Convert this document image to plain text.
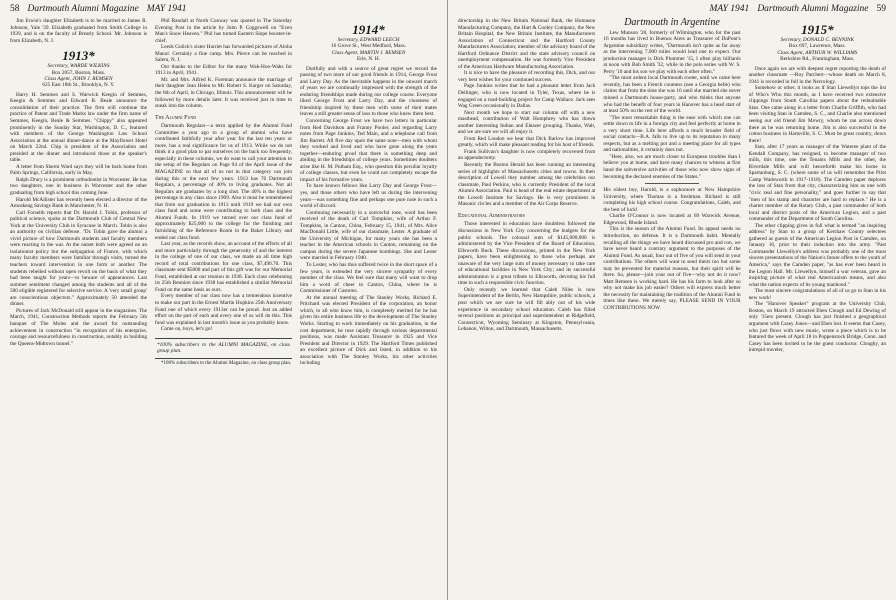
58 Dartmouth Alumni Magazine MAY 1941

Jim Erwin's daughter Elizabeth is to be married to James R. Johnson, Yale '39. Elizabeth graduated from Smith College in 1939, and is on the faculty of Brearly School. Mr. Johnson is from Elizabeth, N. J.

1913*
Secretary, WARDE WILKINS
Box 2057, Boston, Mass.
Class Agent, JOHN J. REMSEN
625 East 18th St., Brooklyn, N. Y.

Harry H. Semmes and S. Warwick Keegin of Semmes, Keegin & Semmes and Edward B. Beale announce the consolidation of their practice. The firm will continue the practice of Patent and Trade Marks law under the firm name of Semmes, Keegin, Beale & Semmes. "Chippy" also appeared prominently in the Sunday Star, Washington, D. C., featured with members of the George Washington Law School Association at the annual dinner-dance at the Mayflower Hotel on March 22nd. Chip is president of the Association and presided at the dinner and introduced those at the speaker's table.

A letter from Sherm Ward says they will be back home from Palm Springs, California, early in May.

Ralph Drury is a prominent orthodontist in Worcester. He has two daughters, one in business in Worcester and the other graduating from high school this coming June.

Harold McAllister has recently been elected a director of the Amoskeag Savings Bank in Manchester, N. H.

Carl Forseith reports that Dr. Harold J. Tobin, professor of political science, spoke at the Dartmouth Club of Central New York at the University Club in Syracuse in March. Tobin is also an authority on civilian defense. "Dr. Tobin gave the alumni a vivid picture of how Dartmouth students and faculty members were reacting to the war. At the outset both were agreed on an isolationist policy but the subjugation of France, with which many faculty members were familiar through visits, turned the teachers toward intervention in one form or another. The students rebelled without open revolt on the basis of what they had been taught for years—to beware of appearances. Last summer sentiment changed among the students and all of the 500 eligible registered for selective service. A 'very small group' are conscientious objectors." Approximately 50 attended the dinner.

Pictures of Jack McDonald still appear in the magazines. The March, 1941, Construction Methods reports the February 5th banquet of The Moles and the award for outstanding achievement in construction "in recognition of his enterprise, courage and resourcefulness in construction, notably in building the Queens-Midtown tunnel."

Phil Randall at North Conway was quoted in The Saturday Evening Post in the article by John P. Coggswell on "Even Man's Snow Heaven." Phil has turned Eastern Slope booster-in-chief.

Leeds Gulick's sister Harriet has forwarded pictures of Aloha Manor. Certainly a fine camp. Mrs. Pierce can be reached in Salem, N. J.

Our thanks to the Editor for the many Wah-Hoo-Wahs for 1913 in April, 1941.

Mr. and Mrs. Alfred K. Foreman announce the marriage of their daughter Jean Helen to Mr. Robert S. Karger on Saturday, the 6th of April, in Chicago, Illinois. This announcement will be followed by more details later. It was received just in time to sneak into the column.

The Alumni Fund

Dartmouth Regulars—a term applied by the Alumni Fund Committee a year ago to a group of alumni who have contributed faithfully year after year for the last ten years or more, has a real significance for us of 1913. While we do not think it a good plan to pat ourselves on the back too frequently, especially in these columns, we do want to call your attention to the setup of the Regulars on Page 94 of the April issue of the MAGAZINE so that all of us not in that category can join during this or the next few years. 1913 has 76 Dartmouth Regulars, a percentage of 40% to living graduates. Not all Regulars are graduates by a long shot. The 40% is the highest percentage in any class since 1909. Also it must be remembered that from our graduation in 1913 until 1919 we had our own class fund and some were contributing to both class and the Alumni Funds. In 1919 we turned over our class fund of approximately $25,000 to the college for the finishing and furnishing of the Reference Room in the Baker Library and ended our class fund.

Last year, as the records show, an account of the efforts of all and more particularly through the generosity of and the interest in the college of one of our class, we made an all time high record of total contributions for one class, $7,490.70. This classmate sent $5000 and part of this gift was for our Memorial Fund, established at our reunion in 1938. Each class celebrating its 25th Reunion since 1938 has established a similar Memorial Fund on the same basis as ours.

Every member of our class now has a tremendous incentive to make our part in the Ernest Martin Hopkins 25th Anniversary Fund one of which every 1913er can be proud. Just an added effort on the part of each and every one of us will do this. This fund was explained in last month's issue as you probably know.

Come on, boys, let's go!

*100% subscribers to the ALUMNI MAGAZINE, on class group plan.

*100% subscribers to the Alumni Magazine, on class group plan.

1914*
Secretary, EDWARD LEECH
16 Grove St., West Medford, Mass.
Class Agent, MARTIN J. REMSEN
Erie, N. H.

Dutifully and with a source of great regret we record the passing of two more of our good friends in 1914, George Frost and Larry Day. As the inevitable happens in the onward march of years we are continually impressed with the strength of the enduring friendships made during our college course. Everyone liked George Frost and Larry Day, and the closeness of friendship inspired by these men with some of their mates leaves a still greater sense of loss to those who knew them best.

Concerning George Frost we have two letters in particular from Red Davidson and Franny Pooler, and regarding Larry notes from Page Junkins, Ted Main, and a telephone call from Jim Barrett. All five day upon the same note—men with whom they worked and lived and who have gone along the years together—enduring proof that there is something deep and abiding in the friendships of college years. Sometimes doubters arise like H. M. Pulham Esq., who question this peculiar loyalty of college classes, but even he could not completely escape the impact of his formative years.

To have known fellows like Larry Day and George Frost—yes, and those others who have left us during the intervening years—was something fine and perhaps one pure note in such a world of discord.

Continuing necessarily in a sorrowful tone, word has been received of the death of Carl Tompkins, wife of Arthur F. Tompkins, in Canton, China, February 15, 1941, of Mrs. Alice MacDonald Little, wife of our classmate, Lester. A graduate of the University of Michigan, for many years she has been a teacher in the American schools in Canton, remaining on the campus during the severe Japanese bombings. She and Lester were married in February 1940.

To Lester, who has thus suffered twice in the short space of a few years, is extended the very sincere sympathy of every member of the class. We feel sure that many will want to drop him a word of cheer to Canton, China, where he is Commissioner of Customs.

At the annual meeting of The Stanley Works, Richard E. Pritchard was elected President of the corporation, an honor which, to all who know him, is completely merited for he has given his entire business life to the development of The Stanley Works. Starting to work immediately on his graduation, in the cost department, he rose rapidly through various departmental positions, was made Assistant Treasurer in 1925 and Vice President and Director in 1929. The Hartford Times published an excellent picture of Dick and listed, in addition to his association with The Stanley Works, his other activities including

MAY 1941 Dartmouth Alumni Magazine 59

directorship in the New Britain National Bank, the Humason Manufacturing Company, the Hart & Cooley Company, the New Britain Hospital, the New Britain Institute, the Manufacturers Association of Connecticut and the Hartford County Manufacturers Association; member of the advisory board of the Hartford Ordnance District and the state advisory council on unemployment compensation. He was formerly Vice President of the American Hardware Manufacturing Association.

It is nice to have the pleasure of recording this, Dick, and our very best wishes for your continued success.

Page Junkins writes that he had a pleasant letter from Jack Dellinger, who is now located in Tyler, Texas, where he is engaged on a road-building project for Camp Wallace. Jack sees Wag Green occasionally in Dallas.

Next month we hope to start our column off with a new masthead, contribution of Walt Humphrey who has drawn another interesting Indian and Eleazer grouping. Thanks, Walt, and we are sure we will all enjoy it.

From Red Loudon we hear that Dick Barlow has improved greatly, which will make pleasant reading for his host of friends.

Frank Sullivan's daughter is now completely recovered from an appendectomy.

Recently the Boston Herald has been running an interesting series of highlights of Massachusetts cities and towns. In their description of Lowell they number among the celebrities our classmate, Paul Perkins, who is currently President of the local Alumni Association. Paul is head of the real estate department at the Lowell Institute for Savings. He is very prominent in Masonic circles and a member of the Air Corps Reserve.

Educational Administrators

Those interested in education have doubtless followed the discussions in New York City concerning the budgets for the public schools. The colossal sum of $145,000,000 is administered by the Vice President of the Board of Education, Ellsworth Buck. These discussions, printed in the New York papers, have been enlightening to those who perhaps are unaware of the very large sum of money necessary to take care of educational facilities in New York City; and its successful administration is a great tribute to Ellsworth, devoting his full time to such a responsible civic function.

Only recently we learned that Caleb Niles is now Superintendent of the Berlin, New Hampshire, public schools, a post which we are sure he will fill ably out of his wide experience in secondary school education. Caleb has filled several positions as principal and superintendent at Ridgefield, Connecticut, Wyoming Seminary at Kingston, Pennsylvania, Lebanon, Wilton, and Dartmouth, Massachusetts.

Dartmouth in Argentine

Lew Munson '28, formerly of Wilmington, who for the past 16 months has lived in Buenos Aires as Treasurer of DuPont's Argentine subsidiary writes, "Dartmouth isn't quite as far away as the intervening 7,000 miles would lead one to expect. Our production manager is Dick Plummer '15, I often play billiards at noon with Bob Smith '32, while in the polo series with W. S. Perry '10 and his son we play with each other often."

"The most ardent local Dartmouth rooter, until we came here recently, has been a French countess (nee a Georgia belle) who claims that from the time she was 16 until she married she never missed a Dartmouth house-party, and who thinks that anyone who had the benefit of four years in Hanover has a head start of at least 50% on the rest of the world.

"The most remarkable thing is the ease with which one can settle down to life in a foreign city and feel perfectly at home in a very short time. Life here affords a much broader field of social contacts—B.A. falls to live up to its reputation in many respects, but as a melting pot and a meeting place for all types and nationalities, it certainly does not.

"Here, also, we are much closer to European troubles than I believe you at home, and have many chances to witness at first hand the subversive activities of those who now show signs of becoming the declared enemies of the States."

His oldest boy, Harold, is a sophomore at New Hampshire University, where Thomas is a freshman. Richard is still completing his high school course. Congratulations, Caleb, and the best of luck!

Charlie O'Connor is now located at 69 Warwick Avenue, Edgewood, Rhode Island.

This is the season of the Alumni Fund. Its appeal needs no introduction, no defense. It is a Dartmouth habit. Mentally recalling all the things we have heard discussed pro and con, we have never heard a contrary argument to the purposes of the Alumni Fund. As usual, four out of five of you will send in your contributions. The others will want to send theirs too but some may be prevented for material reasons, but their spirit will be there. So, please—join your out of five—why not do it now? Matt Remsen is working hard. He has his farm to look after so why not make his job easier? Others will express much better the necessity for maintaining the tradition of the Alumni Fund in times like these. We merely say, PLEASE SEND IN YOUR CONTRIBUTIONS NOW.

1915*
Secretary, DONALD C. BENNINK
Box 697, Lawrence, Mass.
Class Agent, ARTHUR W. WILLIAMS
Berkshire Rd., Framingham, Mass.

Once again we are with deepest regret reporting the death of another classmate —Roy Parchert—whose death on March 8, 1941 is recorded in full in the Necrology.

Somehow or other, it looks as if Stan Llewellyn tops the list of Who's Who this month, as I have received two extensive clippings from South Carolina papers about the redoubtable Stan. One came along in a letter from Charlie Griffith, who had been visiting Stan in Camden, S. C., and Charlie also mentioned seeing our old friend Jim Mowry, whom he ran across down there as he was returning home. Jim is also successful in the cotton business in Hartsville, S. C. Must be great country, down there!

Stan, after 17 years as manager of the Wateree plant of the Kendall Company, has resigned, to become manager of two mills, this time, one the Tenants Mills and the other, the Riverdale Mills and will henceforth make his home in Spartanburg, S. C. (where some of us will remember the Pilot Camp Wadsworth in 1917-1918). The Camden paper deplores the loss of Stan from that city, characterizing him as one with "civic zeal and fine personality," and goes further to say that "men of his stamp and character are hard to replace." He is a charter member of the Rotary Club, a past commander of both local and district posts of the American Legion, and a past commander of the Department of South Carolina.

The other clipping gives in full what is termed "an inspiring address" by Stan to a group of Kershaw County selectees gathered as guests of the American Legion Post in Camden, on January 16, prior to their induction into the army. "Past Commander Llewellyn's address was probably one of the most sincere presentations of the Nation's future offers to the youth of America," says the Camden paper, "as has ever been heard in the Legion Hall. Mr. Llewellyn, himself a war veteran, gave an inspiring picture of what real Americanism means, and also what the nation expects of its young manhood."

The most sincere congratulations of all of us go to Stan in his new work!

The "Hanover Speaker" program at the University Club, Boston, on March 19 attracted Eben Clough and Ed Dewing of only '15ers present. Clough has just finished a geographical argument with Casey Jones—and Eben lost. It seems that Casey, who just flows with new music, wrote a piece which is to be featured the week of April 18 in Poppenstock Bridge, Conn. and Casey has been invited to be the guest conductor. Cloughy, an intrepid traveler,
